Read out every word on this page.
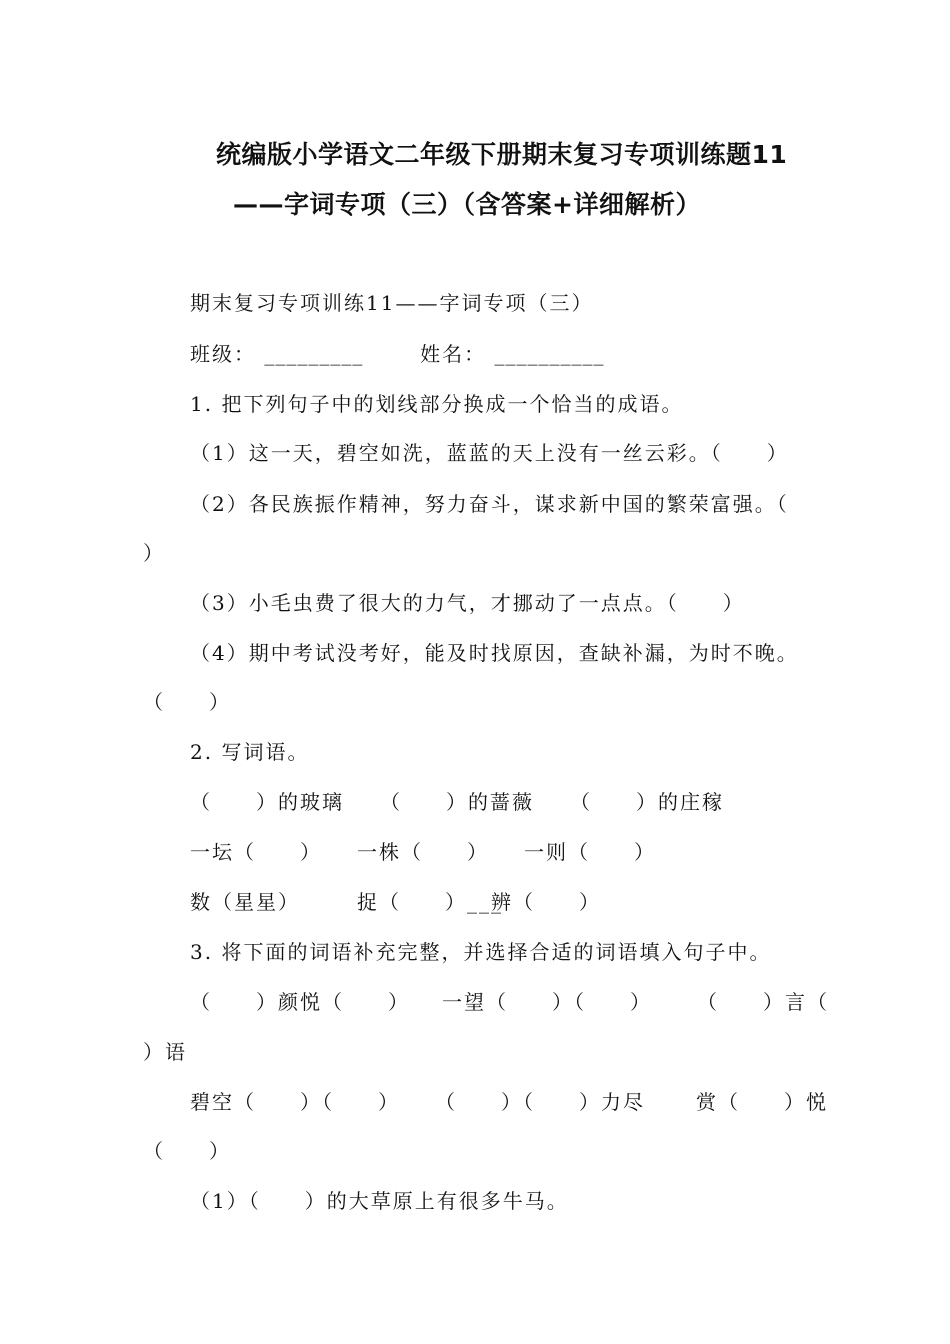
统编版小学语文二年级下册期末复习专项训练题11
——字词专项（三）（含答案+详细解析）
期末复习专项训练11——字词专项（三）
班级： _________	姓名： __________
1. 把下列句子中的划线部分换成一个恰当的成语。
（1）这一天，碧空如洗，蓝蓝的天上没有一丝云彩。（　　）
（2）各民族振作精神，努力奋斗，谋求新中国的繁荣富强。（
）
（3）小毛虫费了很大的力气，才挪动了一点点。（　　）
（4）期中考试没考好，能及时找原因，查缺补漏，为时不晚。
（　　）
2. 写词语。
（　　）的玻璃 （　　）的蔷薇 （　　）的庄稼
一坛（　　） 一株（　　） 一则（　　）
数（星星）	捉（　　）___
辨（　　）
3. 将下面的词语补充完整，并选择合适的词语填入句子中。
（　　）颜悦（　　） 一望（　　）（　　） （　　）言（
）语
碧空（　　）（　　） （　　）（　　）力尽	赏（　　）悦
（　　）
（1）（　　）的大草原上有很多牛马。
